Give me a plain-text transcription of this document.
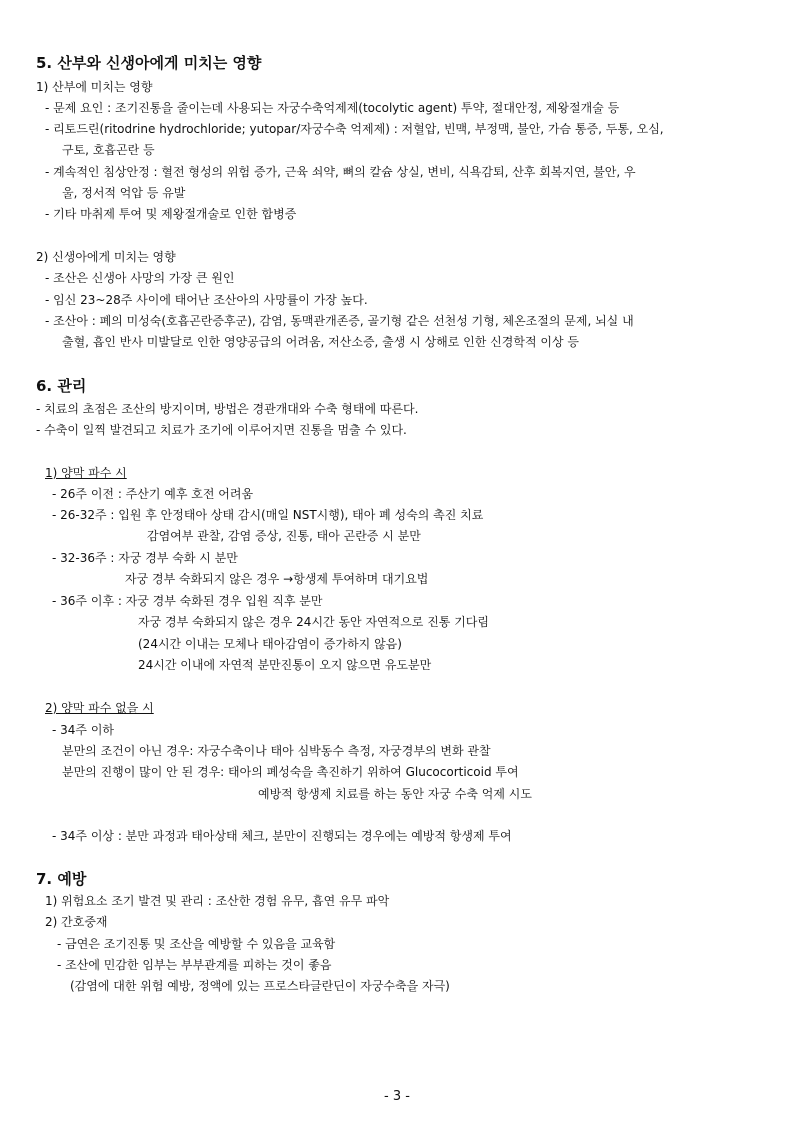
5. 산부와 신생아에게 미치는 영향
1) 산부에 미치는 영향
- 문제 요인 : 조기진통을 줄이는데 사용되는 자궁수축억제제(tocolytic agent) 투약, 절대안정, 제왕절개술 등
- 리토드린(ritodrine hydrochloride; yutopar/자궁수축 억제제) : 저혈압, 빈맥, 부정맥, 불안, 가슴 통증, 두통, 오심,
구토, 호흡곤란 등
- 계속적인 침상안정 : 혈전 형성의 위험 증가, 근육 쇠약, 뼈의 칼슘 상실, 변비, 식욕감퇴, 산후 회복지연, 불안, 우
울, 정서적 억압 등 유발
- 기타 마취제 투여 및 제왕절개술로 인한 합병증
2) 신생아에게 미치는 영향
- 조산은 신생아 사망의 가장 큰 원인
- 임신 23~28주 사이에 태어난 조산아의 사망률이 가장 높다.
- 조산아 : 폐의 미성숙(호흡곤란증후군), 감염, 동맥관개존증, 골기형 같은 선천성 기형, 체온조절의 문제, 뇌실 내
출혈, 흡인 반사 미발달로 인한 영양공급의 어려움, 저산소증, 출생 시 상해로 인한 신경학적 이상 등
6. 관리
- 치료의 초점은 조산의 방지이며, 방법은 경관개대와 수축 형태에 따른다.
- 수축이 일찍 발견되고 치료가 조기에 이루어지면 진통을 멈출 수 있다.
1) 양막 파수 시
- 26주 이전 : 주산기 예후 호전 어려움
- 26-32주 : 입원 후 안정태아 상태 감시(매일 NST시행), 태아 폐 성숙의 촉진 치료
감염여부 관찰, 감염 증상, 진통, 태아 곤란증 시 분만
- 32-36주 : 자궁 경부 숙화 시 분만
자궁 경부 숙화되지 않은 경우 →항생제 투여하며 대기요법
- 36주 이후 : 자궁 경부 숙화된 경우 입원 직후 분만
자궁 경부 숙화되지 않은 경우 24시간 동안 자연적으로 진통 기다림
(24시간 이내는 모체나 태아감염이 증가하지 않음)
24시간 이내에 자연적 분만진통이 오지 않으면 유도분만
2) 양막 파수 없을 시
- 34주 이하
분만의 조건이 아닌 경우: 자궁수축이나 태아 심박동수 측정, 자궁경부의 변화 관찰
분만의 진행이 많이 안 된 경우: 태아의 폐성숙을 촉진하기 위하여 Glucocorticoid 투여
예방적 항생제 치료를 하는 동안 자궁 수축 억제 시도
- 34주 이상 : 분만 과정과 태아상태 체크, 분만이 진행되는 경우에는 예방적 항생제 투여
7. 예방
1) 위험요소 조기 발견 및 관리 : 조산한 경험 유무, 흡연 유무 파악
2) 간호중재
- 금연은 조기진통 및 조산을 예방할 수 있음을 교육함
- 조산에 민감한 임부는 부부관계를 피하는 것이 좋음
(감염에 대한 위험 예방, 정액에 있는 프로스타글란딘이 자궁수축을 자극)
- 3 -
